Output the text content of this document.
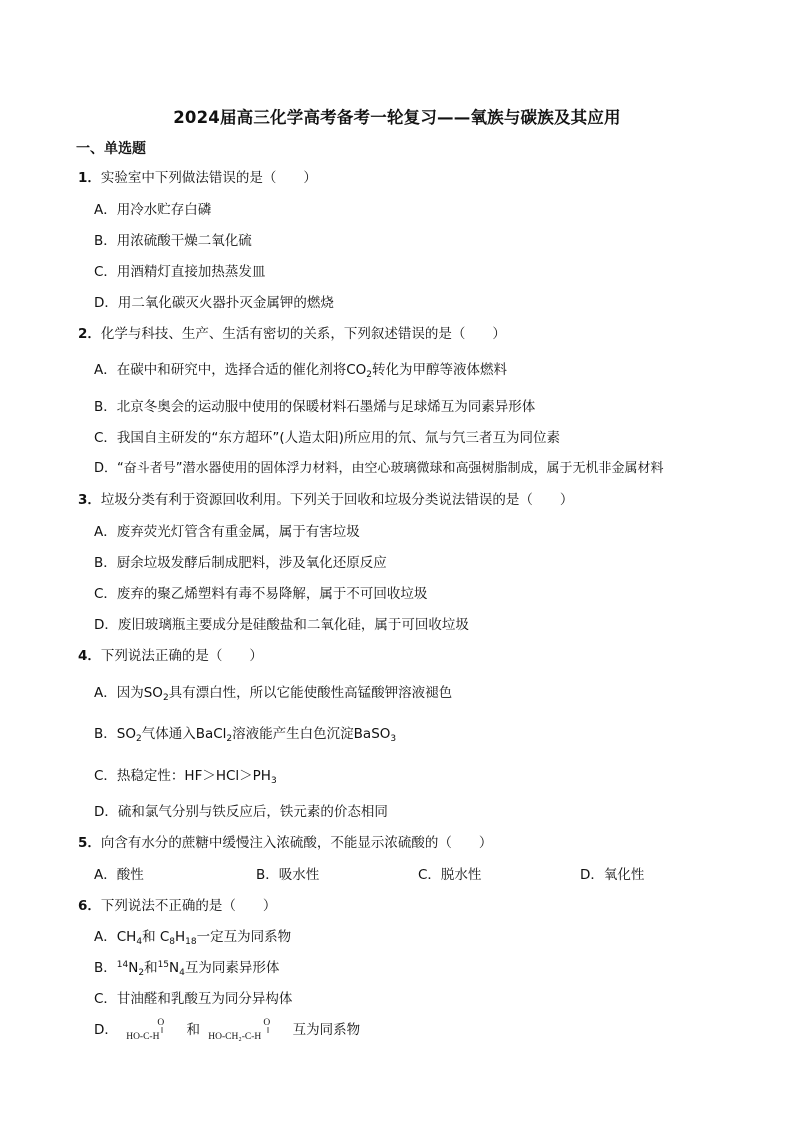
2024届高三化学高考备考一轮复习——氧族与碳族及其应用
一、单选题
1．实验室中下列做法错误的是（　　）
A．用冷水贮存白磷
B．用浓硫酸干燥二氧化硫
C．用酒精灯直接加热蒸发皿
D．用二氧化碳灭火器扑灭金属钾的燃烧
2．化学与科技、生产、生活有密切的关系，下列叙述错误的是（　　）
A．在碳中和研究中，选择合适的催化剂将$CO_2$转化为甲醇等液体燃料
B．北京冬奥会的运动服中使用的保暖材料石墨烯与足球烯互为同素异形体
C．我国自主研发的“东方超环”(人造太阳)所应用的氘、氚与氕三者互为同位素
D．“奋斗者号”潜水器使用的固体浮力材料，由空心玻璃微球和高强树脂制成，属于无机非金属材料
3．垃圾分类有利于资源回收利用。下列关于回收和垃圾分类说法错误的是（　　）
A．废弃荧光灯管含有重金属，属于有害垃圾
B．厨余垃圾发酵后制成肥料，涉及氧化还原反应
C．废弃的聚乙烯塑料有毒不易降解，属于不可回收垃圾
D．废旧玻璃瓶主要成分是硅酸盐和二氧化硅，属于可回收垃圾
4．下列说法正确的是（　　）
A．因为$SO_2$具有漂白性，所以它能使酸性高锰酸钾溶液褪色
B．$SO_2$气体通入BaCl$_2$溶液能产生白色沉淀BaSO$_3$
C．热稳定性：$HF>HCl>PH_3$
D．硫和氯气分别与铁反应后，铁元素的价态相同
5．向含有水分的蔗糖中缓慢注入浓硫酸，不能显示浓硫酸的（　　）
A．酸性	B．吸水性	C．脱水性	D．氧化性
6．下列说法不正确的是（　　）
A．$CH_4$和 $C_8H_{18}$一定互为同系物
B．$^{14}N_2$和$^{15}N_4$互为同素异形体
C．甘油醛和乳酸互为同分异构体
D．	O
ǁ
HO-C-H	和	O
ǁ
HO-CH₂-C-H	互为同系物
